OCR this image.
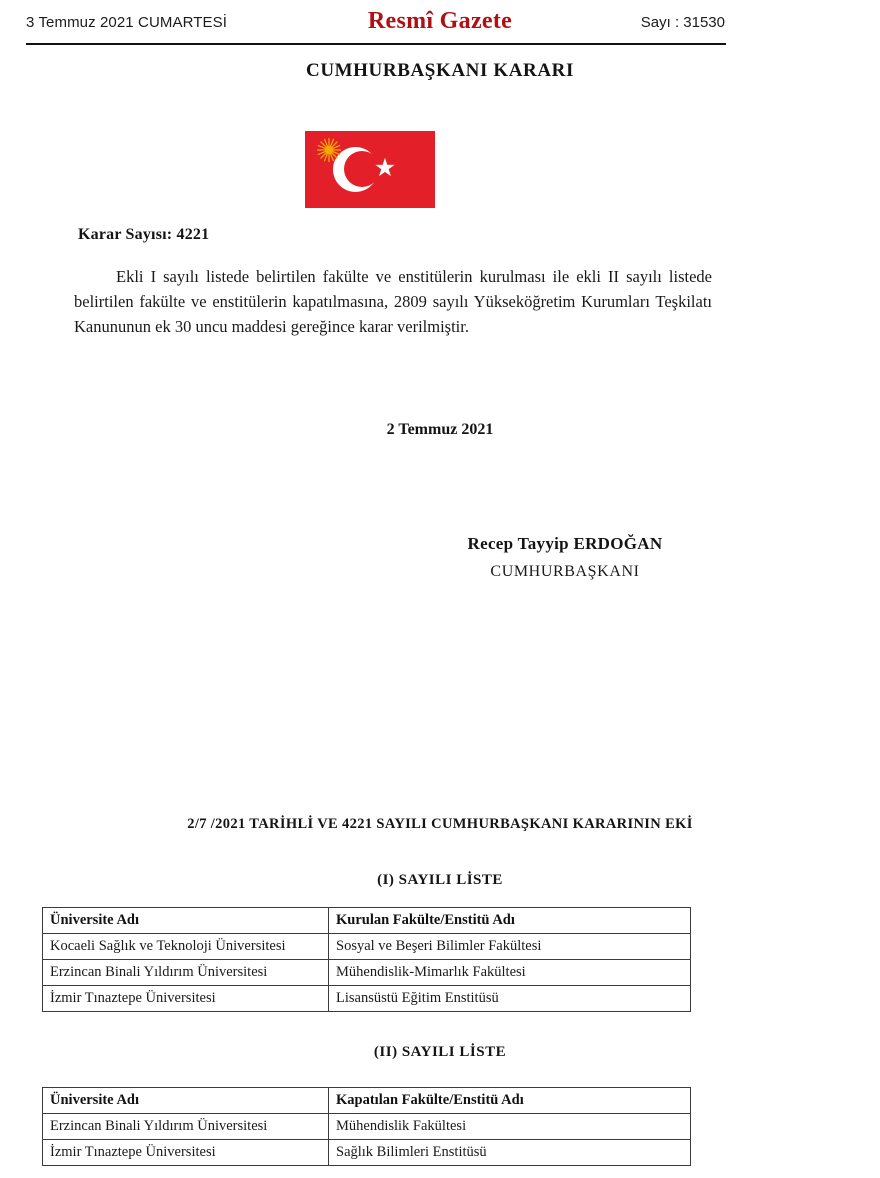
3 Temmuz 2021 CUMARTESİ	Resmî Gazete	Sayı : 31530
CUMHURBAŞKANI KARARI
★
Karar Sayısı: 4221
Ekli I sayılı listede belirtilen fakülte ve enstitülerin kurulması ile ekli II sayılı listede belirtilen fakülte ve enstitülerin kapatılmasına, 2809 sayılı Yükseköğretim Kurumları Teşkilatı Kanununun ek 30 uncu maddesi gereğince karar verilmiştir.
2 Temmuz 2021
Recep Tayyip ERDOĞAN
CUMHURBAŞKANI
2/7 /2021 TARİHLİ VE 4221 SAYILI CUMHURBAŞKANI KARARININ EKİ
(I) SAYILI LİSTE
Üniversite Adı	Kurulan Fakülte/Enstitü Adı
Kocaeli Sağlık ve Teknoloji Üniversitesi	Sosyal ve Beşeri Bilimler Fakültesi
Erzincan Binali Yıldırım Üniversitesi	Mühendislik-Mimarlık Fakültesi
İzmir Tınaztepe Üniversitesi	Lisansüstü Eğitim Enstitüsü
(II) SAYILI LİSTE
Üniversite Adı	Kapatılan Fakülte/Enstitü Adı
Erzincan Binali Yıldırım Üniversitesi	Mühendislik Fakültesi
İzmir Tınaztepe Üniversitesi	Sağlık Bilimleri Enstitüsü
